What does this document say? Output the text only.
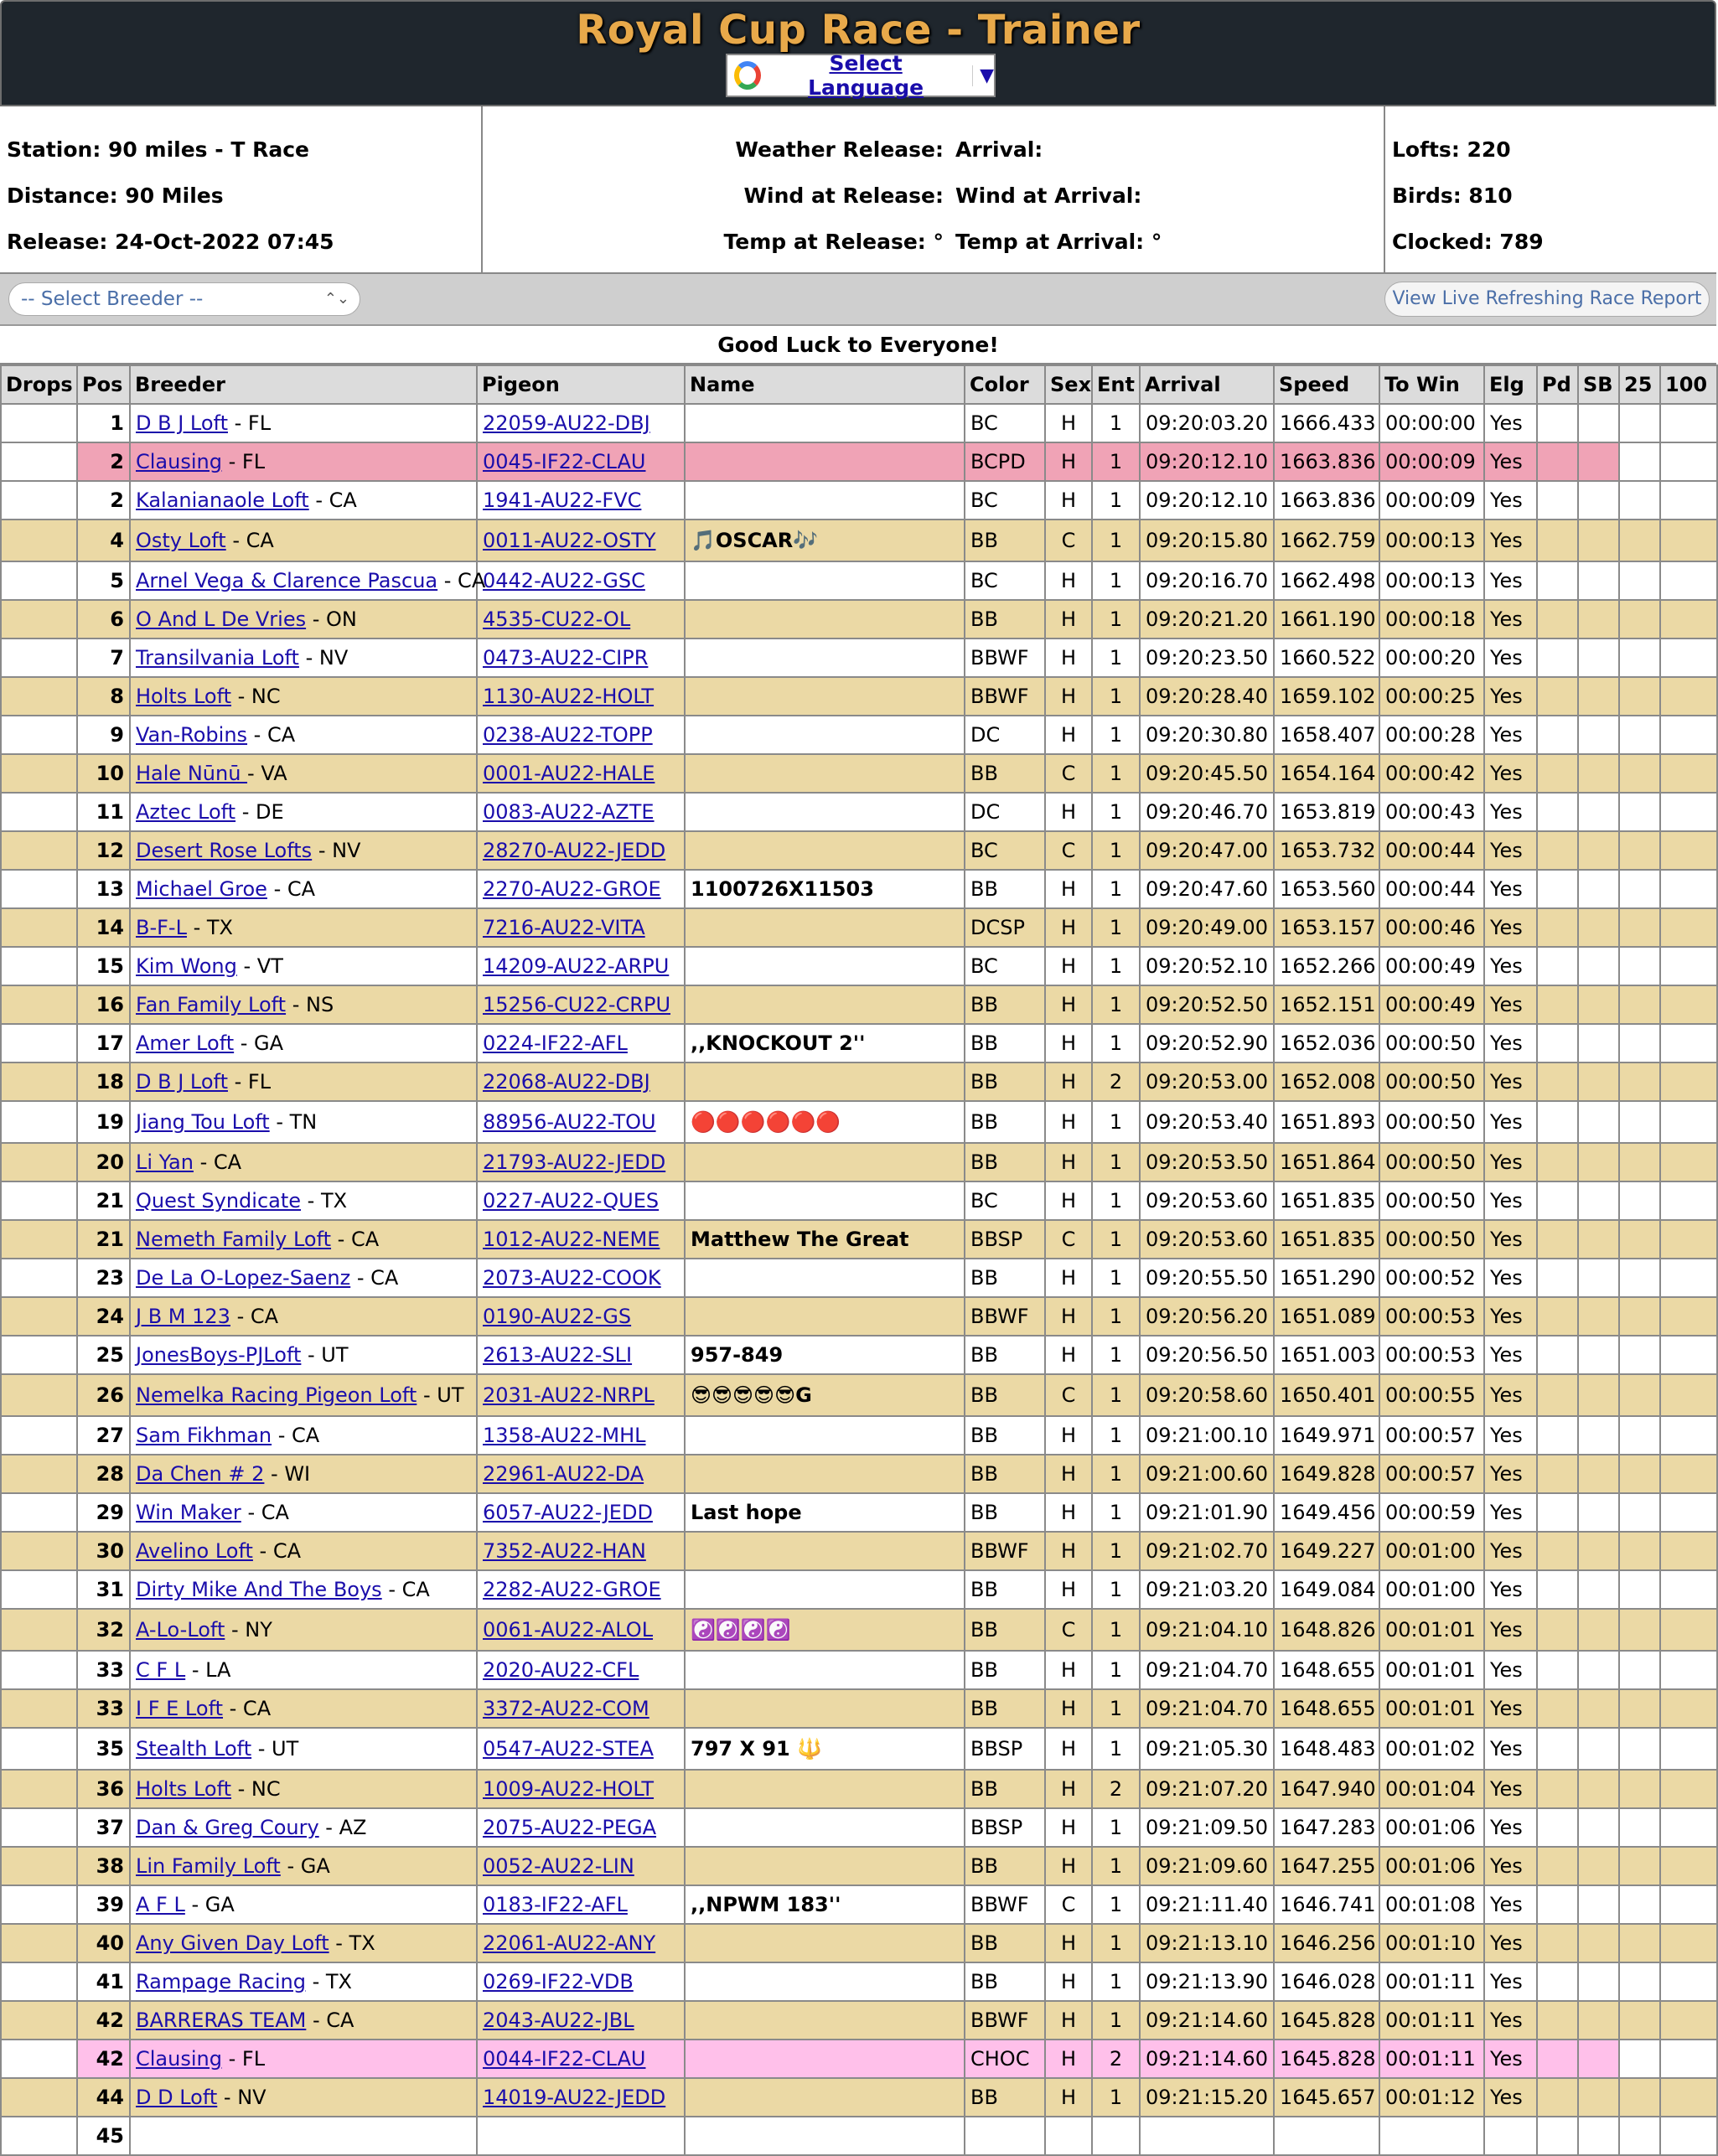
Royal Cup Race - Trainer
Select Language	▼
Station: 90 miles - T Race
Distance: 90 Miles
Release: 24-Oct-2022 07:45
Weather Release: Arrival:
Wind at Release: Wind at Arrival:
Temp at Release: ° Temp at Arrival: °
Lofts: 220
Birds: 810
Clocked: 789
-- Select Breeder --	⌃⌄	View Live Refreshing Race Report
Good Luck to Everyone!
Drops	Pos	Breeder	Pigeon	Name	Color	Sex	Ent	Arrival	Speed	To Win	Elg	Pd	SB	25	100
	1	D B J Loft - FL	22059-AU22-DBJ		BC	H	1	09:20:03.20	1666.433	00:00:00	Yes				
	2	Clausing - FL	0045-IF22-CLAU		BCPD	H	1	09:20:12.10	1663.836	00:00:09	Yes				
	2	Kalanianaole Loft - CA	1941-AU22-FVC		BC	H	1	09:20:12.10	1663.836	00:00:09	Yes				
	4	Osty Loft - CA	0011-AU22-OSTY	🎵OSCAR🎶	BB	C	1	09:20:15.80	1662.759	00:00:13	Yes				
	5	Arnel Vega & Clarence Pascua - CA	0442-AU22-GSC		BC	H	1	09:20:16.70	1662.498	00:00:13	Yes				
	6	O And L De Vries - ON	4535-CU22-OL		BB	H	1	09:20:21.20	1661.190	00:00:18	Yes				
	7	Transilvania Loft - NV	0473-AU22-CIPR		BBWF	H	1	09:20:23.50	1660.522	00:00:20	Yes				
	8	Holts Loft - NC	1130-AU22-HOLT		BBWF	H	1	09:20:28.40	1659.102	00:00:25	Yes				
	9	Van-Robins - CA	0238-AU22-TOPP		DC	H	1	09:20:30.80	1658.407	00:00:28	Yes				
	10	Hale Nūnū - VA	0001-AU22-HALE		BB	C	1	09:20:45.50	1654.164	00:00:42	Yes				
	11	Aztec Loft - DE	0083-AU22-AZTE		DC	H	1	09:20:46.70	1653.819	00:00:43	Yes				
	12	Desert Rose Lofts - NV	28270-AU22-JEDD		BC	C	1	09:20:47.00	1653.732	00:00:44	Yes				
	13	Michael Groe - CA	2270-AU22-GROE	1100726X11503	BB	H	1	09:20:47.60	1653.560	00:00:44	Yes				
	14	B-F-L - TX	7216-AU22-VITA		DCSP	H	1	09:20:49.00	1653.157	00:00:46	Yes				
	15	Kim Wong - VT	14209-AU22-ARPU		BC	H	1	09:20:52.10	1652.266	00:00:49	Yes				
	16	Fan Family Loft - NS	15256-CU22-CRPU		BB	H	1	09:20:52.50	1652.151	00:00:49	Yes				
	17	Amer Loft - GA	0224-IF22-AFL	,,KNOCKOUT 2''	BB	H	1	09:20:52.90	1652.036	00:00:50	Yes				
	18	D B J Loft - FL	22068-AU22-DBJ		BB	H	2	09:20:53.00	1652.008	00:00:50	Yes				
	19	Jiang Tou Loft - TN	88956-AU22-TOU	🔴🔴🔴🔴🔴🔴	BB	H	1	09:20:53.40	1651.893	00:00:50	Yes				
	20	Li Yan - CA	21793-AU22-JEDD		BB	H	1	09:20:53.50	1651.864	00:00:50	Yes				
	21	Quest Syndicate - TX	0227-AU22-QUES		BC	H	1	09:20:53.60	1651.835	00:00:50	Yes				
	21	Nemeth Family Loft - CA	1012-AU22-NEME	Matthew The Great	BBSP	C	1	09:20:53.60	1651.835	00:00:50	Yes				
	23	De La O-Lopez-Saenz - CA	2073-AU22-COOK		BB	H	1	09:20:55.50	1651.290	00:00:52	Yes				
	24	J B M 123 - CA	0190-AU22-GS		BBWF	H	1	09:20:56.20	1651.089	00:00:53	Yes				
	25	JonesBoys-PJLoft - UT	2613-AU22-SLI	957-849	BB	H	1	09:20:56.50	1651.003	00:00:53	Yes				
	26	Nemelka Racing Pigeon Loft - UT	2031-AU22-NRPL	😎😎😎😎😎G	BB	C	1	09:20:58.60	1650.401	00:00:55	Yes				
	27	Sam Fikhman - CA	1358-AU22-MHL		BB	H	1	09:21:00.10	1649.971	00:00:57	Yes				
	28	Da Chen # 2 - WI	22961-AU22-DA		BB	H	1	09:21:00.60	1649.828	00:00:57	Yes				
	29	Win Maker - CA	6057-AU22-JEDD	Last hope	BB	H	1	09:21:01.90	1649.456	00:00:59	Yes				
	30	Avelino Loft - CA	7352-AU22-HAN		BBWF	H	1	09:21:02.70	1649.227	00:01:00	Yes				
	31	Dirty Mike And The Boys - CA	2282-AU22-GROE		BB	H	1	09:21:03.20	1649.084	00:01:00	Yes				
	32	A-Lo-Loft - NY	0061-AU22-ALOL	☯️☯️☯️☯️	BB	C	1	09:21:04.10	1648.826	00:01:01	Yes				
	33	C F L - LA	2020-AU22-CFL		BB	H	1	09:21:04.70	1648.655	00:01:01	Yes				
	33	I F E Loft - CA	3372-AU22-COM		BB	H	1	09:21:04.70	1648.655	00:01:01	Yes				
	35	Stealth Loft - UT	0547-AU22-STEA	797 X 91 🔱	BBSP	H	1	09:21:05.30	1648.483	00:01:02	Yes				
	36	Holts Loft - NC	1009-AU22-HOLT		BB	H	2	09:21:07.20	1647.940	00:01:04	Yes				
	37	Dan & Greg Coury - AZ	2075-AU22-PEGA		BBSP	H	1	09:21:09.50	1647.283	00:01:06	Yes				
	38	Lin Family Loft - GA	0052-AU22-LIN		BB	H	1	09:21:09.60	1647.255	00:01:06	Yes				
	39	A F L - GA	0183-IF22-AFL	,,NPWM 183''	BBWF	C	1	09:21:11.40	1646.741	00:01:08	Yes				
	40	Any Given Day Loft - TX	22061-AU22-ANY		BB	H	1	09:21:13.10	1646.256	00:01:10	Yes				
	41	Rampage Racing - TX	0269-IF22-VDB		BB	H	1	09:21:13.90	1646.028	00:01:11	Yes				
	42	BARRERAS TEAM - CA	2043-AU22-JBL		BBWF	H	1	09:21:14.60	1645.828	00:01:11	Yes				
	42	Clausing - FL	0044-IF22-CLAU		CHOC	H	2	09:21:14.60	1645.828	00:01:11	Yes				
	44	D D Loft - NV	14019-AU22-JEDD		BB	H	1	09:21:15.20	1645.657	00:01:12	Yes				
	45														
